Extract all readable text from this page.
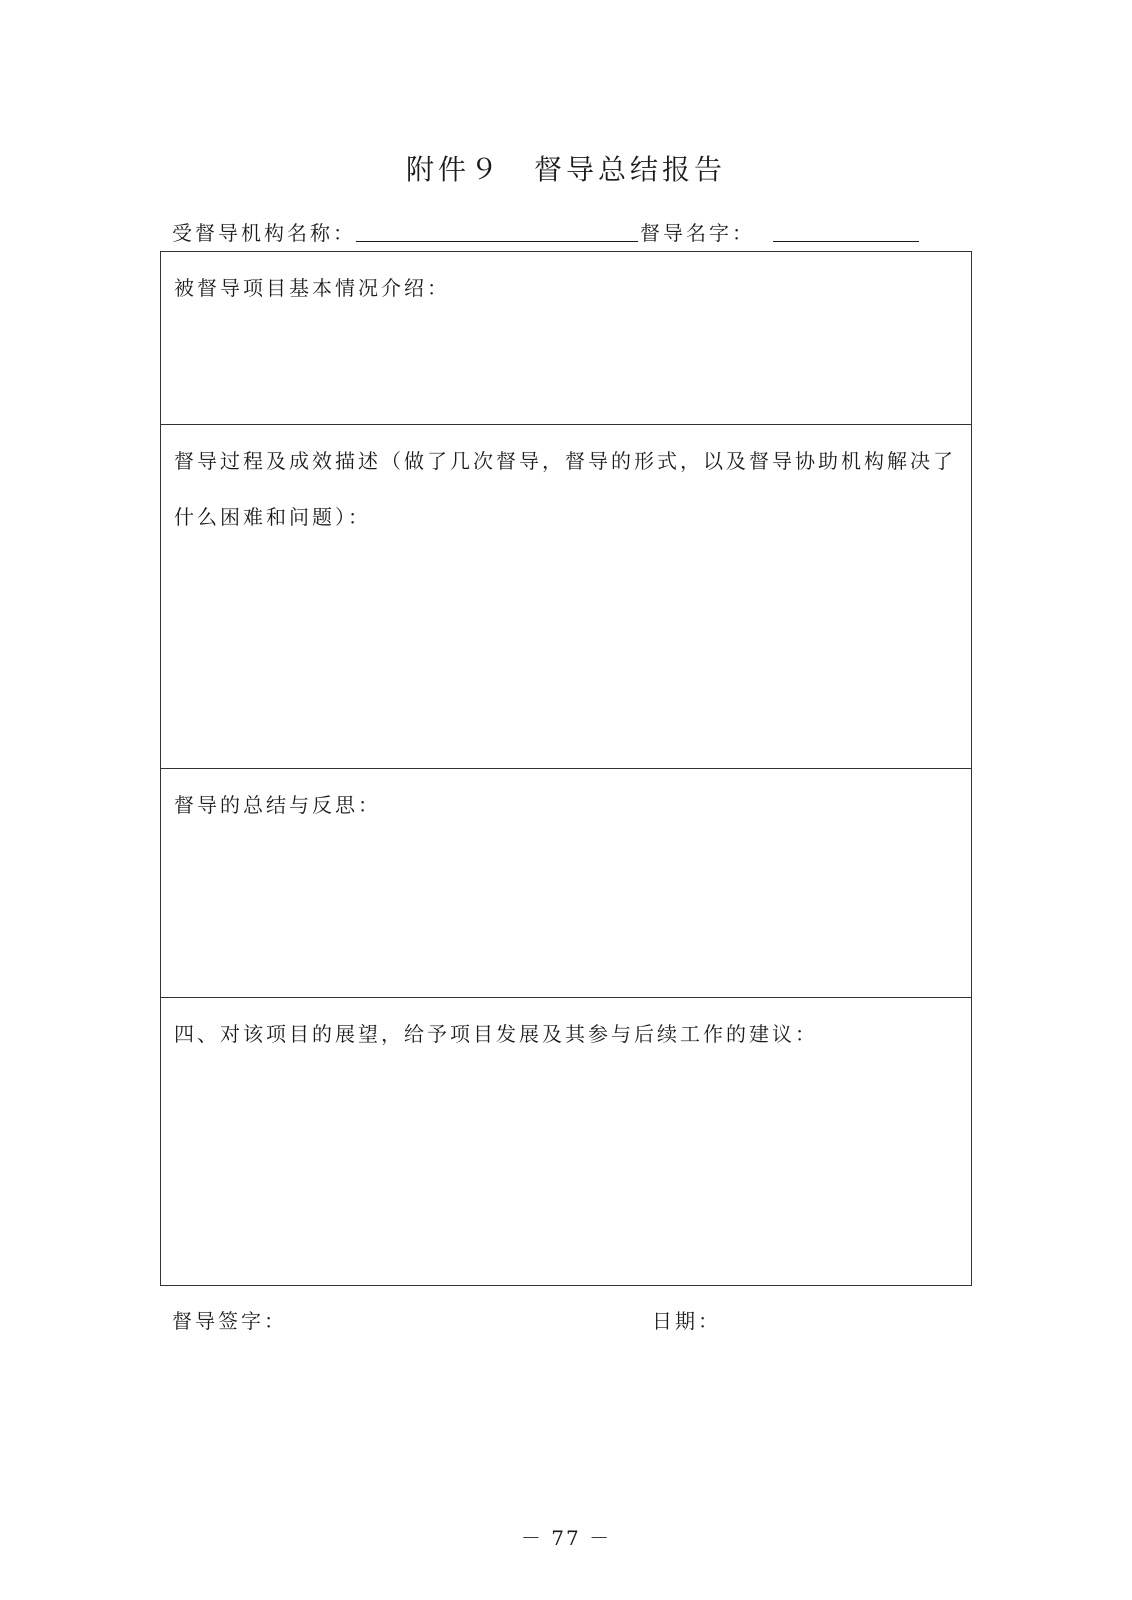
附件９　督导总结报告
受督导机构名称：	督导名字：
被督导项目基本情况介绍：
督导过程及成效描述（做了几次督导，督导的形式，以及督导协助机构解决了什么困难和问题）：
督导的总结与反思：
四、对该项目的展望，给予项目发展及其参与后续工作的建议：
督导签字：	日期：
－ 77 －
